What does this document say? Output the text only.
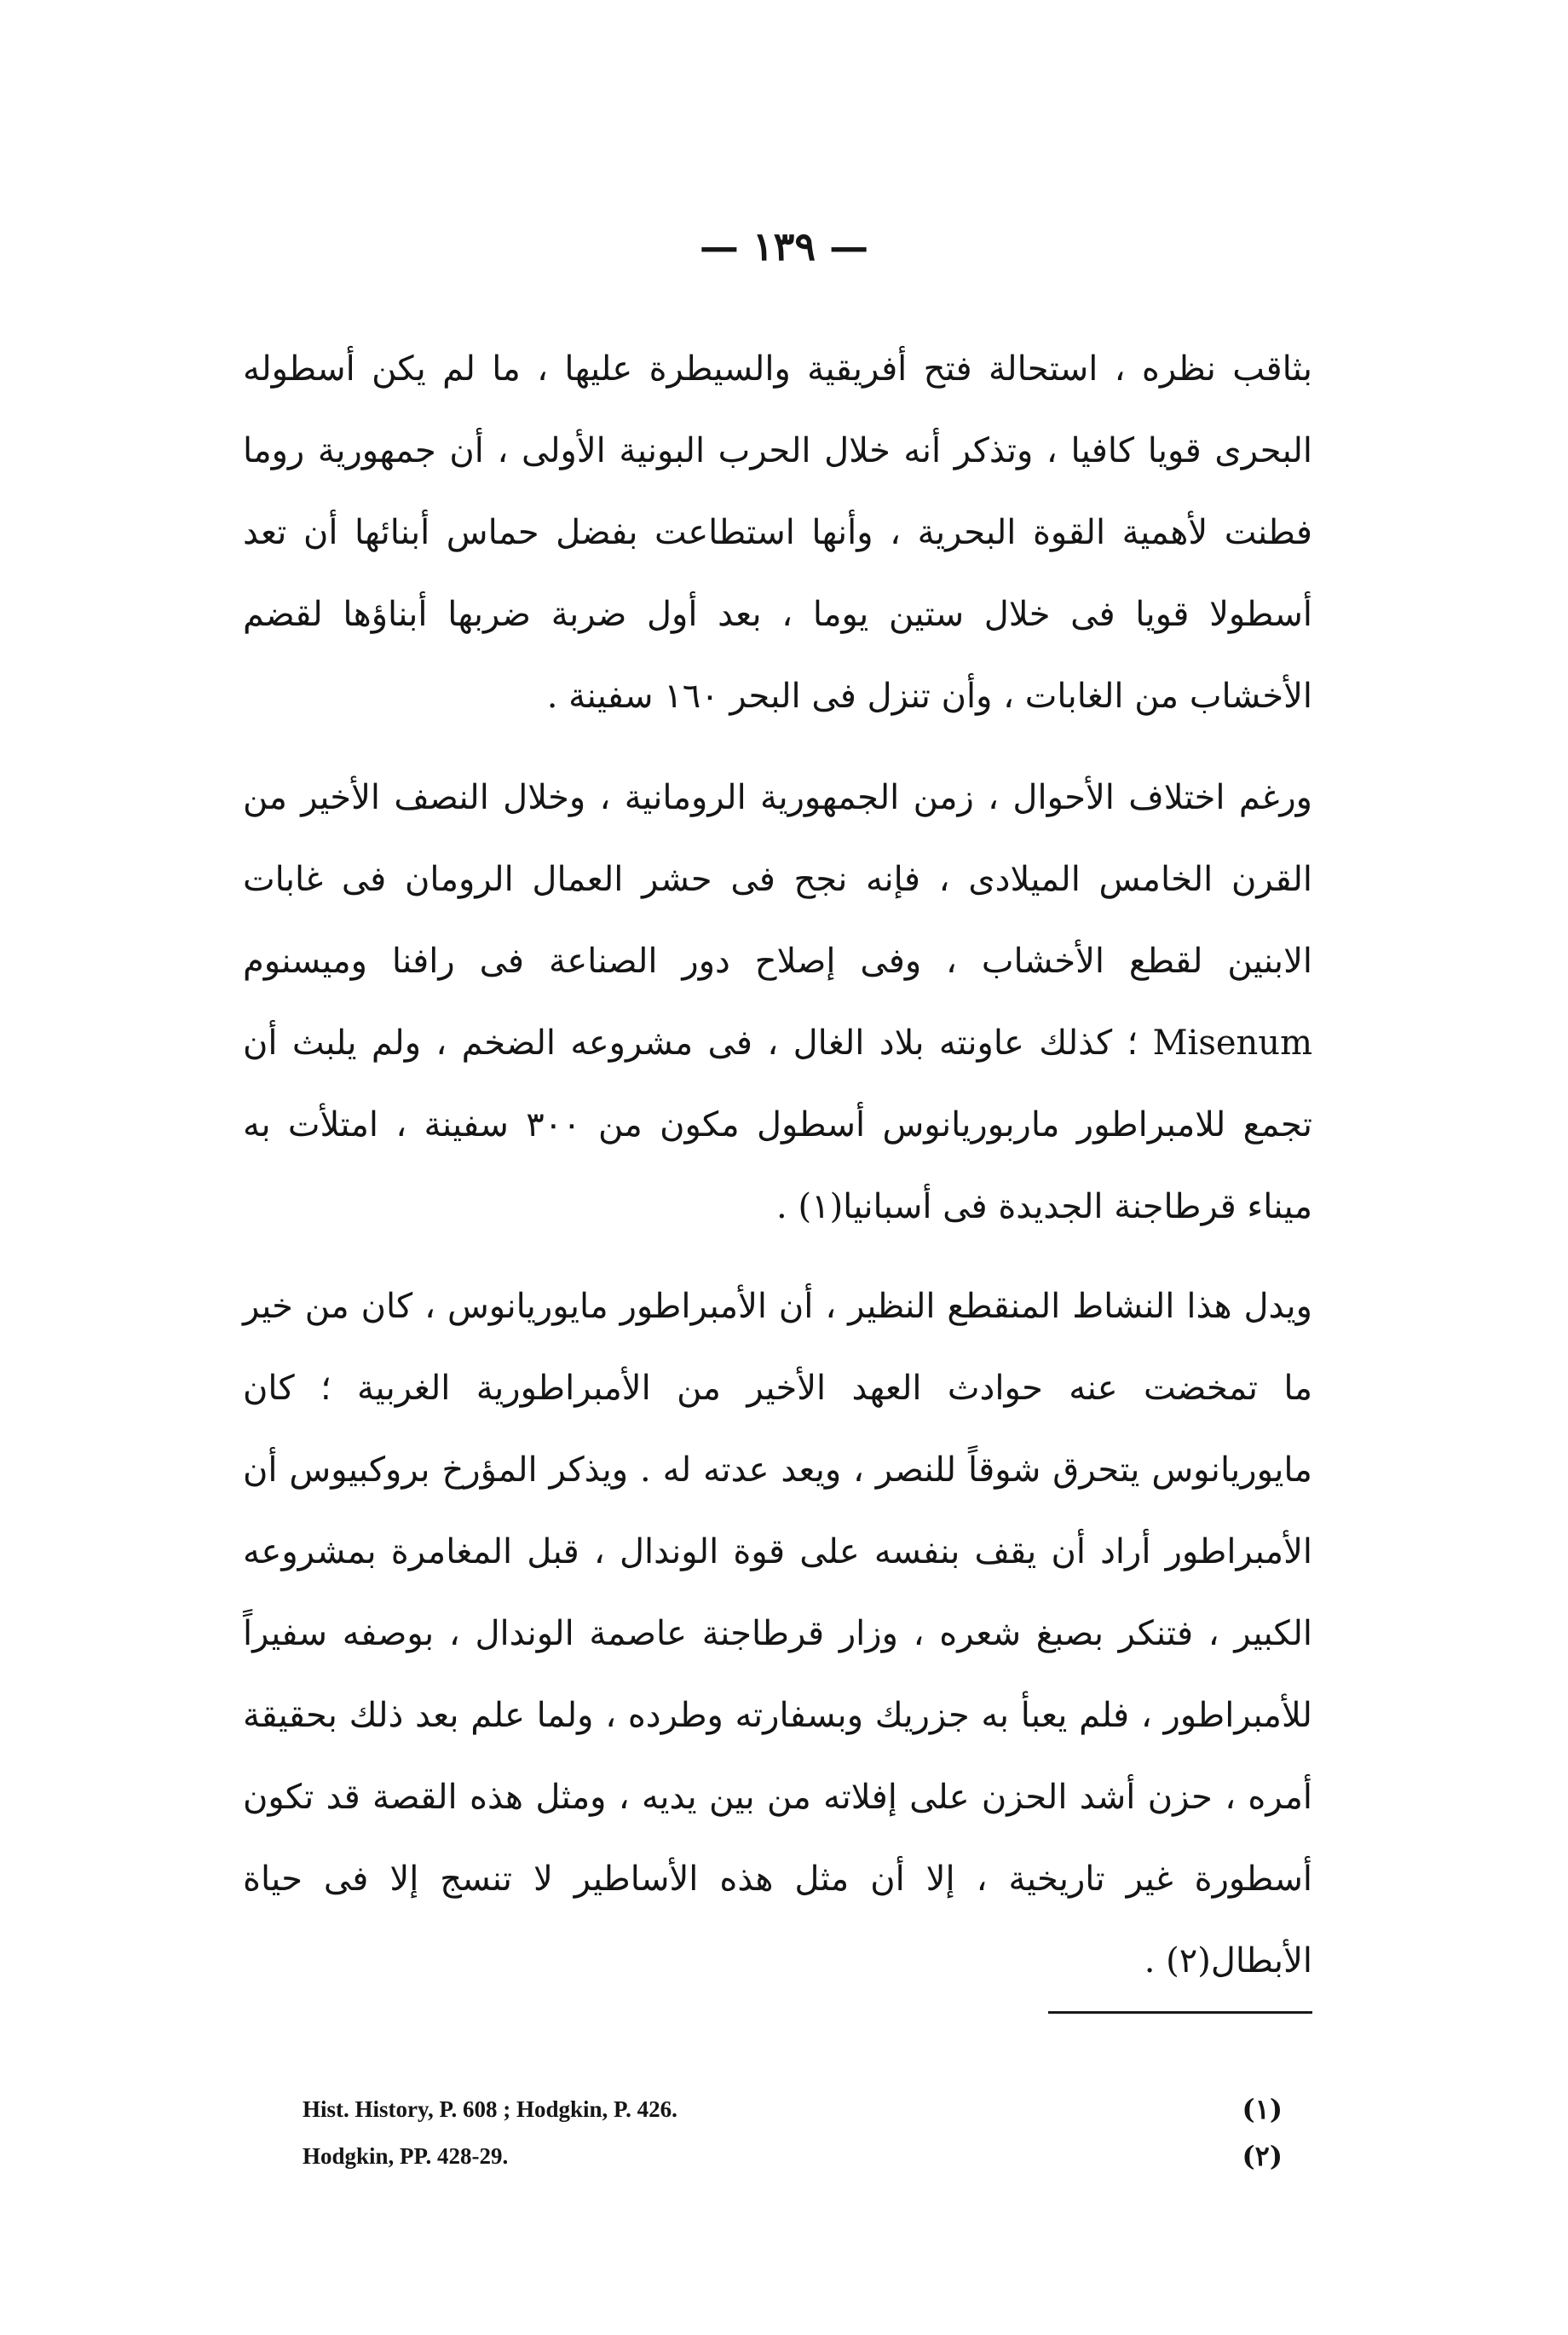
— ١٣٩ —

بثاقب نظره ، استحالة فتح أفريقية والسيطرة عليها ، ما لم يكن أسطوله البحرى قويا كافيا ، وتذكر أنه خلال الحرب البونية الأولى ، أن جمهورية روما فطنت لأهمية القوة البحرية ، وأنها استطاعت بفضل حماس أبنائها أن تعد أسطولا قويا فى خلال ستين يوما ، بعد أول ضربة ضربها أبناؤها لقضم الأخشاب من الغابات ، وأن تنزل فى البحر ١٦٠ سفينة .

ورغم اختلاف الأحوال ، زمن الجمهورية الرومانية ، وخلال النصف الأخير من القرن الخامس الميلادى ، فإنه نجح فى حشر العمال الرومان فى غابات الابنين لقطع الأخشاب ، وفى إصلاح دور الصناعة فى رافنا وميسنوم Misenum ؛ كذلك عاونته بلاد الغال ، فى مشروعه الضخم ، ولم يلبث أن تجمع للامبراطور ماربوريانوس أسطول مكون من ٣٠٠ سفينة ، امتلأت به ميناء قرطاجنة الجديدة فى أسبانيا(١) .

ويدل هذا النشاط المنقطع النظير ، أن الأمبراطور مايوريانوس ، كان من خير ما تمخضت عنه حوادث العهد الأخير من الأمبراطورية الغربية ؛ كان مايوريانوس يتحرق شوقاً للنصر ، ويعد عدته له . ويذكر المؤرخ بروكبيوس أن الأمبراطور أراد أن يقف بنفسه على قوة الوندال ، قبل المغامرة بمشروعه الكبير ، فتنكر بصبغ شعره ، وزار قرطاجنة عاصمة الوندال ، بوصفه سفيراً للأمبراطور ، فلم يعبأ به جزريك وبسفارته وطرده ، ولما علم بعد ذلك بحقيقة أمره ، حزن أشد الحزن على إفلاته من بين يديه ، ومثل هذه القصة قد تكون أسطورة غير تاريخية ، إلا أن مثل هذه الأساطير لا تنسج إلا فى حياة الأبطال(٢) .

Hist. History, P. 608 ; Hodgkin, P. 426.	(١)
Hodgkin, PP. 428-29.	(٢)
